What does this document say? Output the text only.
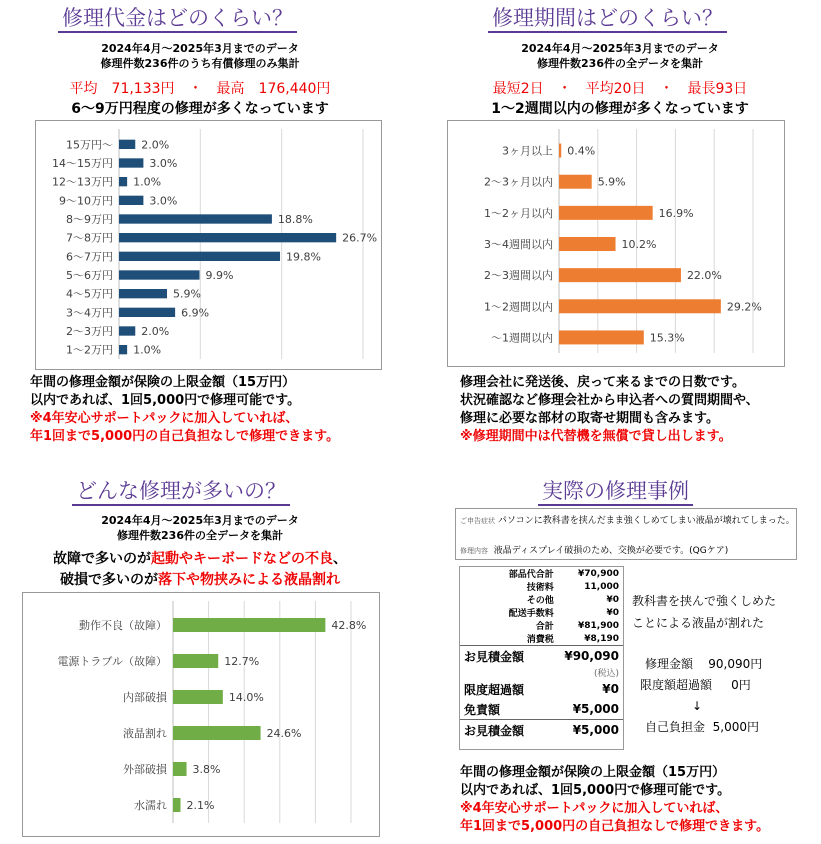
修理代金はどのくらい？
2024年4月～2025年3月までのデータ
修理件数236件のうち有償修理のみ集計
平均　71,133円　・　最高　176,440円
6～9万円程度の修理が多くなっています
15万円～	2.0%
14～15万円	3.0%
12～13万円 1.0%
9～10万円	3.0%
8～9万円	18.8%
7～8万円	26.7%
6～7万円	19.8%
5～6万円	9.9%
4～5万円	5.9%
3～4万円	6.9%
2～3万円	2.0%
1～2万円 1.0%
年間の修理金額が保険の上限金額（15万円）
以内であれば、1回5,000円で修理可能です。
※4年安心サポートパックに加入していれば、
年1回まで5,000円の自己負担なしで修理できます。
修理期間はどのくらい？
2024年4月～2025年3月までのデータ
修理件数236件の全データを集計
最短2日　・　平均20日　・　最長93日
1～2週間以内の修理が多くなっています
3ヶ月以上 0.4%
2～3ヶ月以内	5.9%
1～2ヶ月以内	16.9%
3～4週間以内	10.2%
2～3週間以内	22.0%
1～2週間以内	29.2%
～1週間以内	15.3%
修理会社に発送後、戻って来るまでの日数です。
状況確認など修理会社から申込者への質問期間や、
修理に必要な部材の取寄せ期間も含みます。
※修理期間中は代替機を無償で貸し出します。
どんな修理が多いの？
2024年4月～2025年3月までのデータ
修理件数236件の全データを集計
故障で多いのが起動やキーボードなどの不良、
破損で多いのが落下や物挟みによる液晶割れ
動作不良（故障）	42.8%
電源トラブル（故障）	12.7%
内部破損	14.0%
液晶割れ	24.6%
外部破損 3.8%
水濡れ 2.1%
実際の修理事例
ご申告症状 パソコンに教科書を挟んだまま強くしめてしまい液晶が壊れてしまった。
修理内容 液晶ディスプレイ破損のため、交換が必要です。(QGケア)
部品代合計	¥70,900
技術料	11,000
その他	¥0
配送手数料	¥0
合計	¥81,900
消費税	¥8,190
お見積金額	¥90,090
	(税込)
限度超過額	¥0
免責額	¥5,000
お見積金額	¥5,000
教科書を挟んで強くしめた
ことによる液晶が割れた
修理金額 90,090円
限度額超過額 0円
↓
自己負担金 5,000円
年間の修理金額が保険の上限金額（15万円）
以内であれば、1回5,000円で修理可能です。
※4年安心サポートパックに加入していれば、
年1回まで5,000円の自己負担なしで修理できます。
